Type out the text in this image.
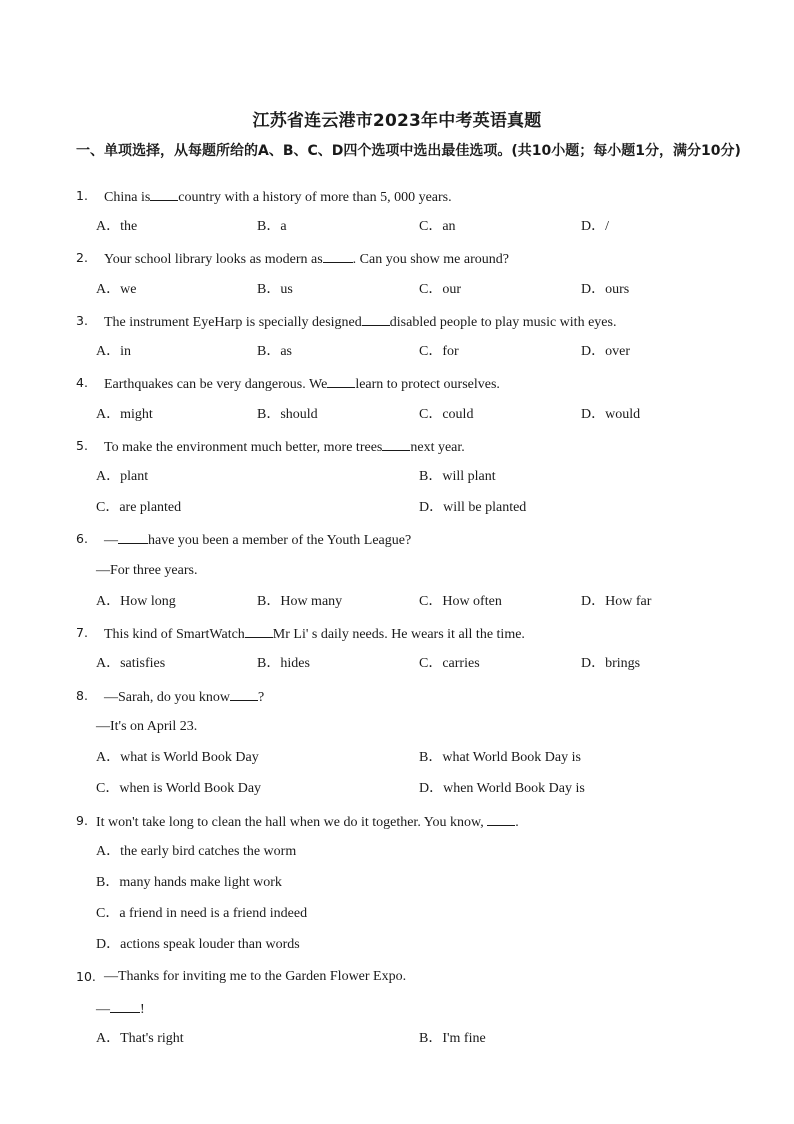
江苏省连云港市2023年中考英语真题
一、单项选择，从每题所给的A、B、C、D四个选项中选出最佳选项。(共10小题；每小题1分，满分10分)
1. China is country with a history of more than 5, 000 years.
A．the	B．a	C．an	D．/
2. Your school library looks as modern as . Can you show me around?
A．we	B．us	C．our	D．ours
3. The instrument EyeHarp is specially designed disabled people to play music with eyes.
A．in	B．as	C．for	D．over
4. Earthquakes can be very dangerous. We learn to protect ourselves.
A．might	B．should	C．could	D．would
5. To make the environment much better, more trees next year.
A．plant	B．will plant
C．are planted	D．will be planted
6. — have you been a member of the Youth League?
—For three years.
A．How long	B．How many	C．How often	D．How far
7. This kind of SmartWatch Mr Li' s daily needs. He wears it all the time.
A．satisfies	B．hides	C．carries	D．brings
8. —Sarah, do you know ?
—It's on April 23.
A．what is World Book Day	B．what World Book Day is
C．when is World Book Day	D．when World Book Day is
9. It won't take long to clean the hall when we do it together. You know, .
A．the early bird catches the worm
B．many hands make light work
C．a friend in need is a friend indeed
D．actions speak louder than words
10. —Thanks for inviting me to the Garden Flower Expo.
— !
A．That's right	B．I'm fine
